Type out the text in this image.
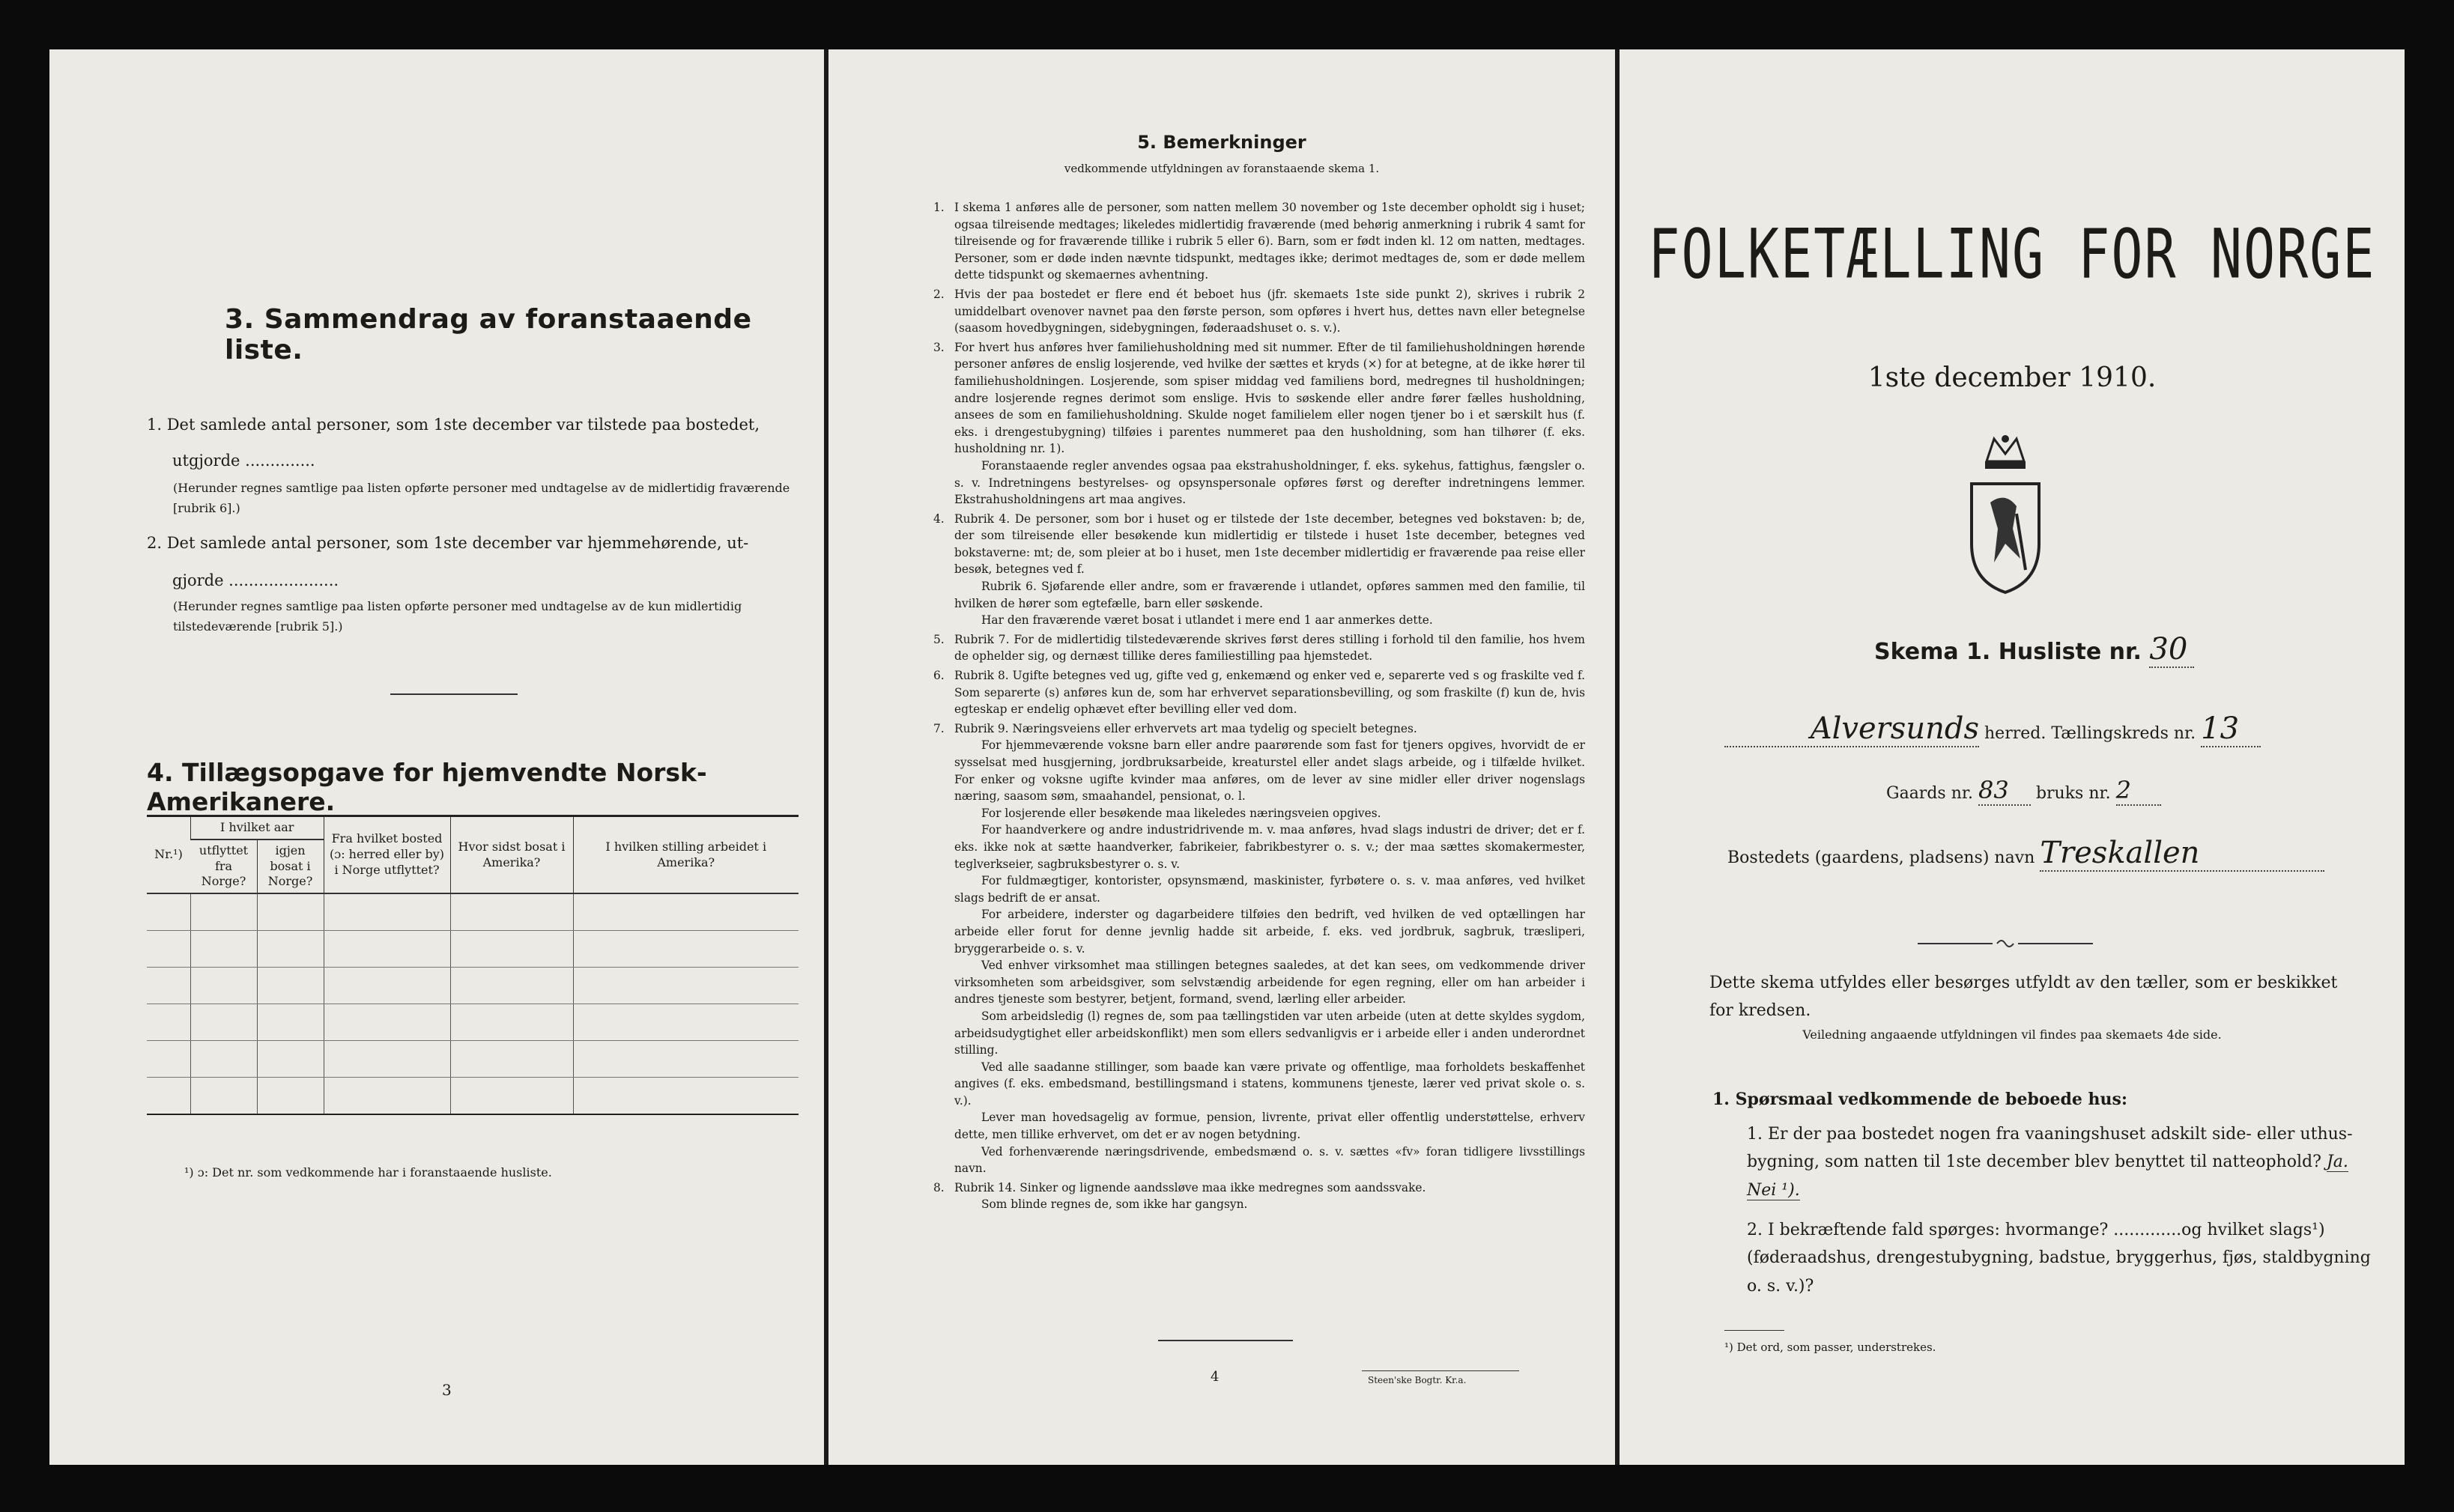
3. Sammendrag av foranstaaende liste.
1. Det samlede antal personer, som 1ste december var tilstede paa bostedet,
utgjorde ..............
(Herunder regnes samtlige paa listen opførte personer med undtagelse av de midlertidig fraværende [rubrik 6].)
2. Det samlede antal personer, som 1ste december var hjemmehørende, ut-
gjorde ......................
(Herunder regnes samtlige paa listen opførte personer med undtagelse av de kun midlertidig tilstedeværende [rubrik 5].)
4. Tillægsopgave for hjemvendte Norsk-Amerikanere.
Nr.¹)	I hvilket aar		Fra hvilket bosted (ɔ: herred eller by) i Norge utflyttet?	Hvor sidst bosat i Amerika?	I hvilken stilling arbeidet i Amerika?
	utflyttet fra Norge?	igjen bosat i Norge?			

¹) ɔ: Det nr. som vedkommende har i foranstaaende husliste.
3
5. Bemerkninger
vedkommende utfyldningen av foranstaaende skema 1.
1. I skema 1 anføres alle de personer, som natten mellem 30 november og 1ste december opholdt sig i huset; ogsaa tilreisende medtages; likeledes midlertidig fraværende (med behørig anmerkning i rubrik 4 samt for tilreisende og for fraværende tillike i rubrik 5 eller 6). Barn, som er født inden kl. 12 om natten, medtages. Personer, som er døde inden nævnte tidspunkt, medtages ikke; derimot medtages de, som er døde mellem dette tidspunkt og skemaernes avhentning.
2. Hvis der paa bostedet er flere end ét beboet hus (jfr. skemaets 1ste side punkt 2), skrives i rubrik 2 umiddelbart ovenover navnet paa den første person, som opføres i hvert hus, dettes navn eller betegnelse (saasom hovedbygningen, sidebygningen, føderaadshuset o. s. v.).
3. For hvert hus anføres hver familiehusholdning med sit nummer. Efter de til familiehusholdningen hørende personer anføres de enslig losjerende, ved hvilke der sættes et kryds (×) for at betegne, at de ikke hører til familiehusholdningen. Losjerende, som spiser middag ved familiens bord, medregnes til husholdningen; andre losjerende regnes derimot som enslige. Hvis to søskende eller andre fører fælles husholdning, ansees de som en familiehusholdning. Skulde noget familielem eller nogen tjener bo i et særskilt hus (f. eks. i drengestubygning) tilføies i parentes nummeret paa den husholdning, som han tilhører (f. eks. husholdning nr. 1).
Foranstaaende regler anvendes ogsaa paa ekstrahusholdninger, f. eks. sykehus, fattighus, fængsler o. s. v. Indretningens bestyrelses- og opsynspersonale opføres først og derefter indretningens lemmer. Ekstrahusholdningens art maa angives.
4. Rubrik 4. De personer, som bor i huset og er tilstede der 1ste december, betegnes ved bokstaven: b; de, der som tilreisende eller besøkende kun midlertidig er tilstede i huset 1ste december, betegnes ved bokstaverne: mt; de, som pleier at bo i huset, men 1ste december midlertidig er fraværende paa reise eller besøk, betegnes ved f.
Rubrik 6. Sjøfarende eller andre, som er fraværende i utlandet, opføres sammen med den familie, til hvilken de hører som egtefælle, barn eller søskende.
Har den fraværende været bosat i utlandet i mere end 1 aar anmerkes dette.
5. Rubrik 7. For de midlertidig tilstedeværende skrives først deres stilling i forhold til den familie, hos hvem de ophelder sig, og dernæst tillike deres familiestilling paa hjemstedet.
6. Rubrik 8. Ugifte betegnes ved ug, gifte ved g, enkemænd og enker ved e, separerte ved s og fraskilte ved f. Som separerte (s) anføres kun de, som har erhvervet separationsbevilling, og som fraskilte (f) kun de, hvis egteskap er endelig ophævet efter bevilling eller ved dom.
7. Rubrik 9. Næringsveiens eller erhvervets art maa tydelig og specielt betegnes.
For hjemmeværende voksne barn eller andre paarørende som fast for tjeners opgives, hvorvidt de er sysselsat med husgjerning, jordbruksarbeide, kreaturstel eller andet slags arbeide, og i tilfælde hvilket. For enker og voksne ugifte kvinder maa anføres, om de lever av sine midler eller driver nogenslags næring, saasom søm, smaahandel, pensionat, o. l.
For losjerende eller besøkende maa likeledes næringsveien opgives.
For haandverkere og andre industridrivende m. v. maa anføres, hvad slags industri de driver; det er f. eks. ikke nok at sætte haandverker, fabrikeier, fabrikbestyrer o. s. v.; der maa sættes skomakermester, teglverkseier, sagbruksbestyrer o. s. v.
For fuldmægtiger, kontorister, opsynsmænd, maskinister, fyrbøtere o. s. v. maa anføres, ved hvilket slags bedrift de er ansat.
For arbeidere, inderster og dagarbeidere tilføies den bedrift, ved hvilken de ved optællingen har arbeide eller forut for denne jevnlig hadde sit arbeide, f. eks. ved jordbruk, sagbruk, træsliperi, bryggerarbeide o. s. v.
Ved enhver virksomhet maa stillingen betegnes saaledes, at det kan sees, om vedkommende driver virksomheten som arbeidsgiver, som selvstændig arbeidende for egen regning, eller om han arbeider i andres tjeneste som bestyrer, betjent, formand, svend, lærling eller arbeider.
Som arbeidsledig (l) regnes de, som paa tællingstiden var uten arbeide (uten at dette skyldes sygdom, arbeidsudygtighet eller arbeidskonflikt) men som ellers sedvanligvis er i arbeide eller i anden underordnet stilling.
Ved alle saadanne stillinger, som baade kan være private og offentlige, maa forholdets beskaffenhet angives (f. eks. embedsmand, bestillingsmand i statens, kommunens tjeneste, lærer ved privat skole o. s. v.).
Lever man hovedsagelig av formue, pension, livrente, privat eller offentlig understøttelse, erhverv dette, men tillike erhvervet, om det er av nogen betydning.
Ved forhenværende næringsdrivende, embedsmænd o. s. v. sættes «fv» foran tidligere livsstillings navn.
8. Rubrik 14. Sinker og lignende aandssløve maa ikke medregnes som aandssvake.
Som blinde regnes de, som ikke har gangsyn.
4	Steen'ske Bogtr. Kr.a.
FOLKETÆLLING FOR NORGE
1ste december 1910.
Skema 1. Husliste nr. 30
Alversunds herred. Tællingskreds nr. 13
Gaards nr. 83 bruks nr. 2
Bostedets (gaardens, pladsens) navn Treskallen
Dette skema utfyldes eller besørges utfyldt av den tæller, som er beskikket for kredsen.
Veiledning angaaende utfyldningen vil findes paa skemaets 4de side.
1. Spørsmaal vedkommende de beboede hus:
1. Er der paa bostedet nogen fra vaaningshuset adskilt side- eller uthus-bygning, som natten til 1ste december blev benyttet til natteophold? Ja. Nei ¹).
2. I bekræftende fald spørges: hvormange? .............og hvilket slags¹) (føderaadshus, drengestubygning, badstue, bryggerhus, fjøs, staldbygning o. s. v.)?
¹) Det ord, som passer, understrekes.
